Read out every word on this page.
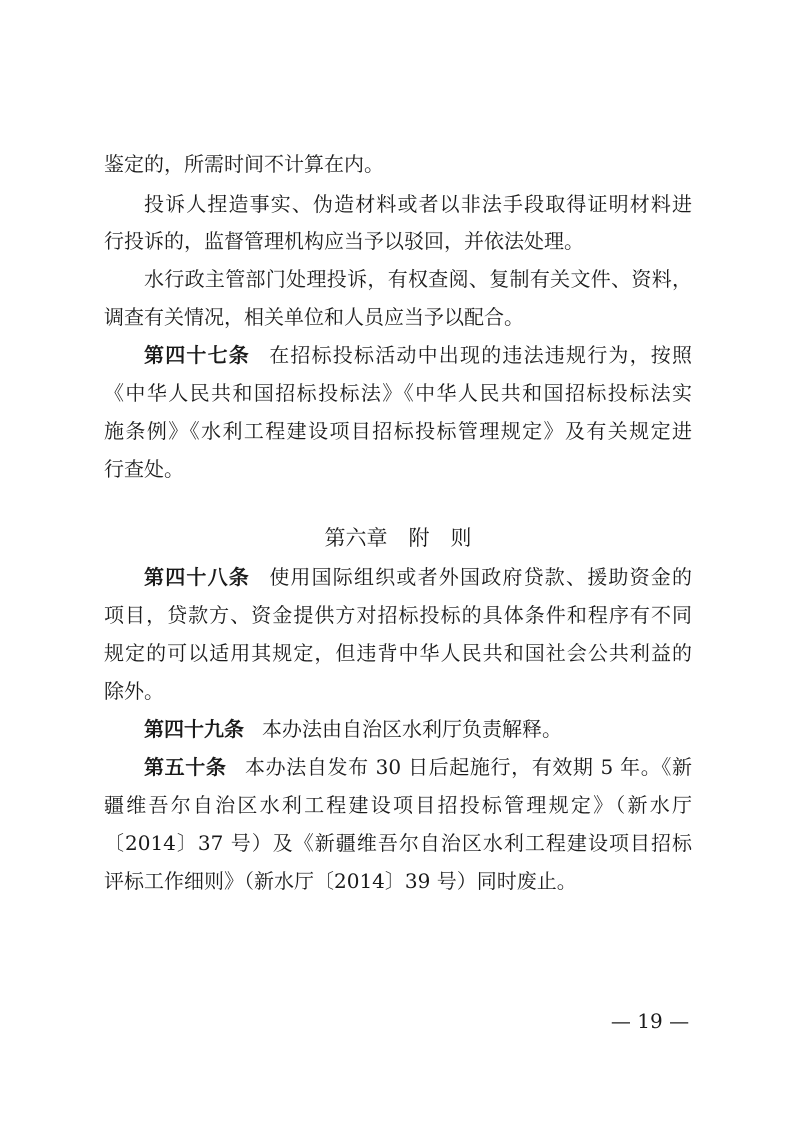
鉴定的，所需时间不计算在内。
投诉人捏造事实、伪造材料或者以非法手段取得证明材料进
行投诉的，监督管理机构应当予以驳回，并依法处理。
水行政主管部门处理投诉，有权查阅、复制有关文件、资料，
调查有关情况，相关单位和人员应当予以配合。
第四十七条 在招标投标活动中出现的违法违规行为，按照
《中华人民共和国招标投标法》《中华人民共和国招标投标法实
施条例》《水利工程建设项目招标投标管理规定》及有关规定进
行查处。
第六章　附　则
第四十八条 使用国际组织或者外国政府贷款、援助资金的
项目，贷款方、资金提供方对招标投标的具体条件和程序有不同
规定的可以适用其规定，但违背中华人民共和国社会公共利益的
除外。
第四十九条 本办法由自治区水利厅负责解释。
第五十条 本办法自发布 30 日后起施行，有效期 5 年。《新
疆维吾尔自治区水利工程建设项目招投标管理规定》（新水厅
〔2014〕37 号）及《新疆维吾尔自治区水利工程建设项目招标
评标工作细则》（新水厅〔2014〕39 号）同时废止。
— 19 —
